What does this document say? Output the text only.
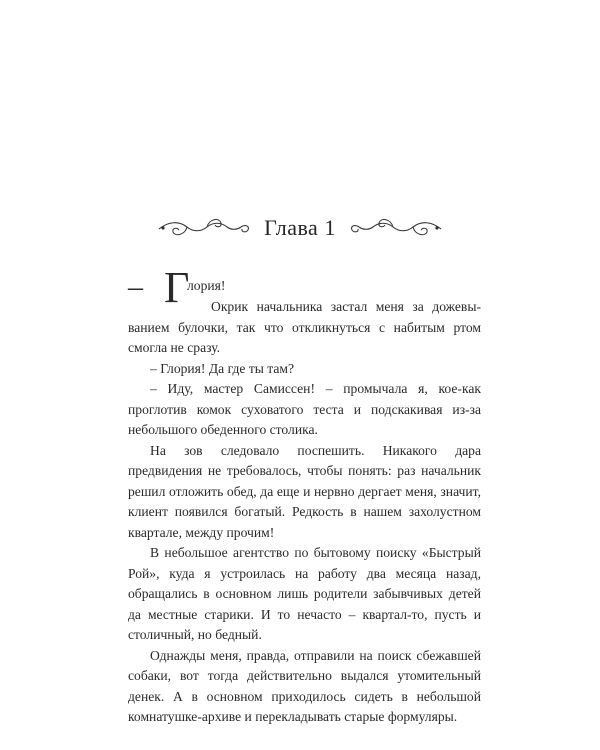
Глава 1
– Г
лория!

Окрик начальника застал меня за дожевыванием булочки, так что откликнуться с набитым ртом смогла не сразу.

– Глория! Да где ты там?

– Иду, мастер Самиссен! – промычала я, кое-как проглотив комок суховатого теста и подскакивая из-за небольшого обеденного столика.

На зов следовало поспешить. Никакого дара предвидения не требовалось, чтобы понять: раз начальник решил отложить обед, да еще и нервно дергает меня, значит, клиент появился богатый. Редкость в нашем захолустном квартале, между прочим!

В небольшое агентство по бытовому поиску «Быстрый Рой», куда я устроилась на работу два месяца назад, обращались в основном лишь родители забывчивых детей да местные старики. И то нечасто – квартал-то, пусть и столичный, но бедный.

Однажды меня, правда, отправили на поиск сбежавшей собаки, вот тогда действительно выдался утомительный денек. А в основном приходилось сидеть в небольшой комнатушке-архиве и перекладывать старые формуляры.
